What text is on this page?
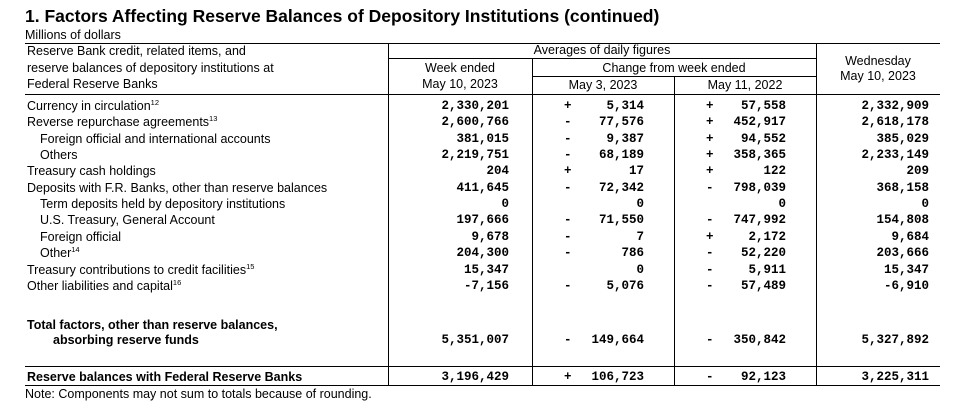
1. Factors Affecting Reserve Balances of Depository Institutions (continued)
Millions of dollars
Reserve Bank credit, related items, and
reserve balances of depository institutions at
Federal Reserve Banks
Averages of daily figures
Week ended
May 10, 2023
Change from week ended
May 3, 2023	May 11, 2022
Wednesday
May 10, 2023
Currency in circulation$^{12}$	2,330,201	+	5,314	+	57,558	2,332,909
Reverse repurchase agreements$^{13}$	2,600,766	-	77,576	+	452,917	2,618,178
Foreign official and international accounts	381,015	-	9,387	+	94,552	385,029
Others	2,219,751	-	68,189	+	358,365	2,233,149
Treasury cash holdings	204	+	17	+	122	209
Deposits with F.R. Banks, other than reserve balances	411,645	-	72,342	-	798,039	368,158
Term deposits held by depository institutions	0	0	0	0
U.S. Treasury, General Account	197,666	-	71,550	-	747,992	154,808
Foreign official	9,678	-	7	+	2,172	9,684
Other$^{14}$	204,300	-	786	-	52,220	203,666
Treasury contributions to credit facilities$^{15}$	15,347	0	-	5,911	15,347
Other liabilities and capital$^{16}$	-7,156	-	5,076	-	57,489	-6,910
Total factors, other than reserve balances,
absorbing reserve funds	5,351,007	-	149,664	-	350,842	5,327,892
Reserve balances with Federal Reserve Banks	3,196,429	+	106,723	-	92,123	3,225,311
Note: Components may not sum to totals because of rounding.
